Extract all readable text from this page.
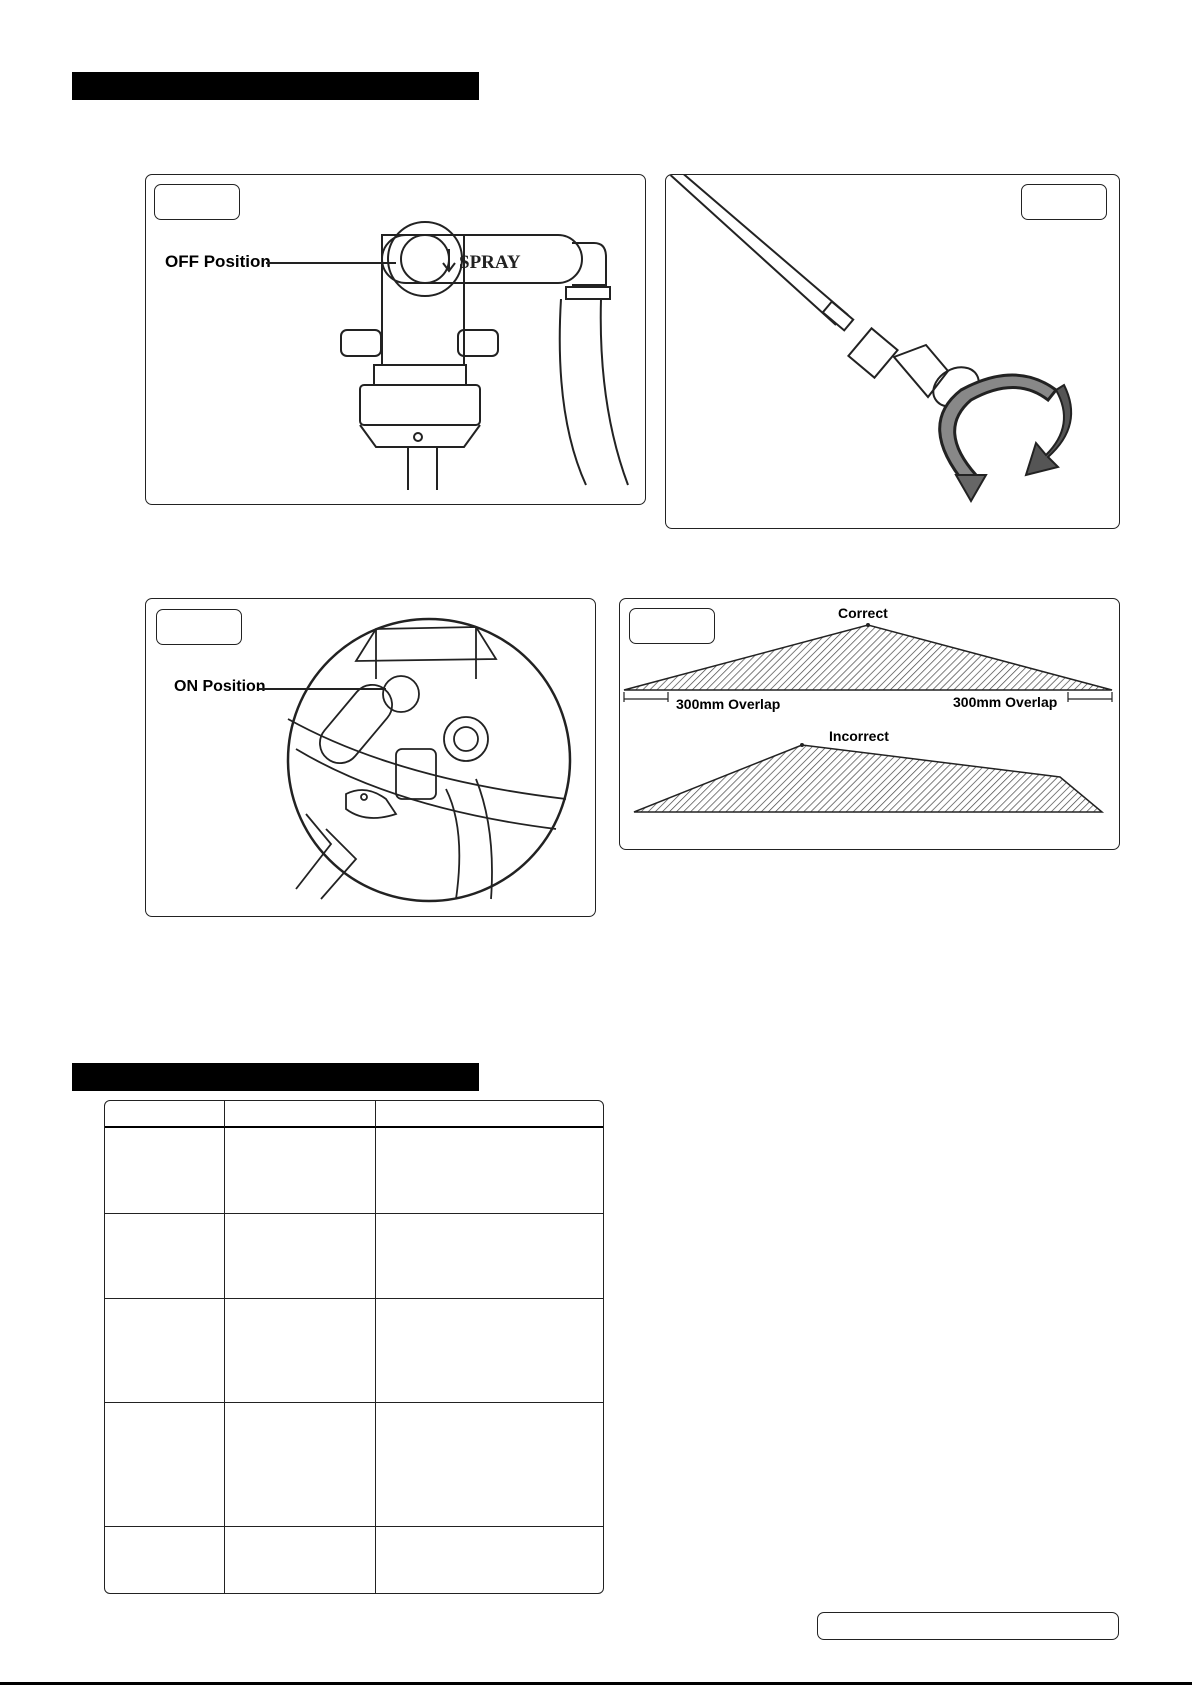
OFF Position	SPRAY
ON Position
Correct
300mm Overlap	300mm Overlap
Incorrect
